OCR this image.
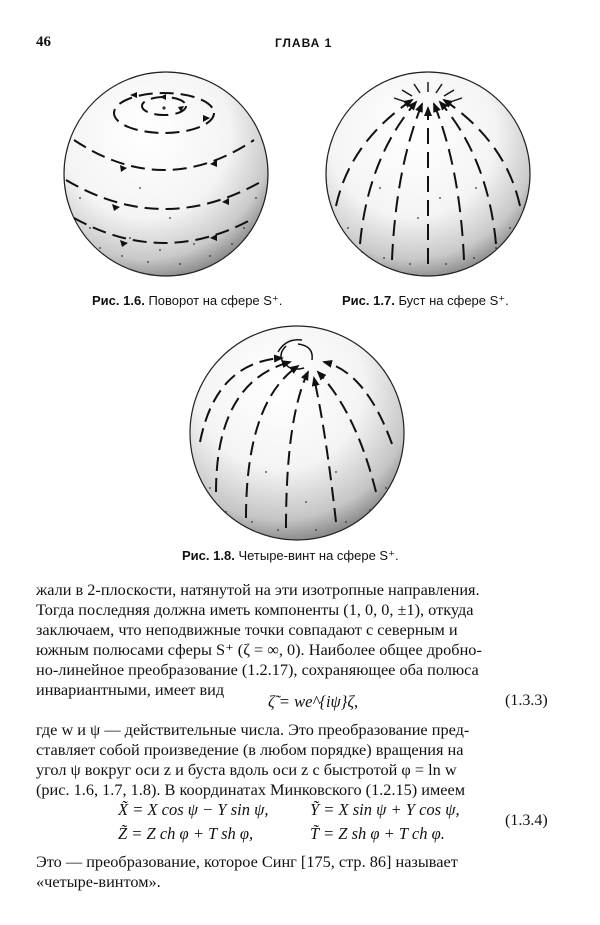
46	ГЛАВА 1
Рис. 1.6. Поворот на сфере S⁺.	Рис. 1.7. Буст на сфере S⁺.
Рис. 1.8. Четыре-винт на сфере S⁺.
жали в 2-плоскости, натянутой на эти изотропные направления.
Тогда последняя должна иметь компоненты (1, 0, 0, ±1), откуда
заключаем, что неподвижные точки совпадают с северным и
южным полюсами сферы S⁺ (ζ = ∞, 0). Наиболее общее дробно-
но-линейное преобразование (1.2.17), сохраняющее оба полюса
инвариантными, имеет вид
ζ̃ = we^{iψ}ζ,	(1.3.3)
где w и ψ — действительные числа. Это преобразование пред-
ставляет собой произведение (в любом порядке) вращения на
угол ψ вокруг оси z и буста вдоль оси z с быстротой φ = ln w
(рис. 1.6, 1.7, 1.8). В координатах Минковского (1.2.15) имеем
X̃ = X cos ψ − Y sin ψ,	Ỹ = X sin ψ + Y cos ψ,
Z̃ = Z ch φ + T sh φ,	T̃ = Z sh φ + T ch φ.
(1.3.4)
Это — преобразование, которое Синг [175, стр. 86] называет
«четыре-винтом».
